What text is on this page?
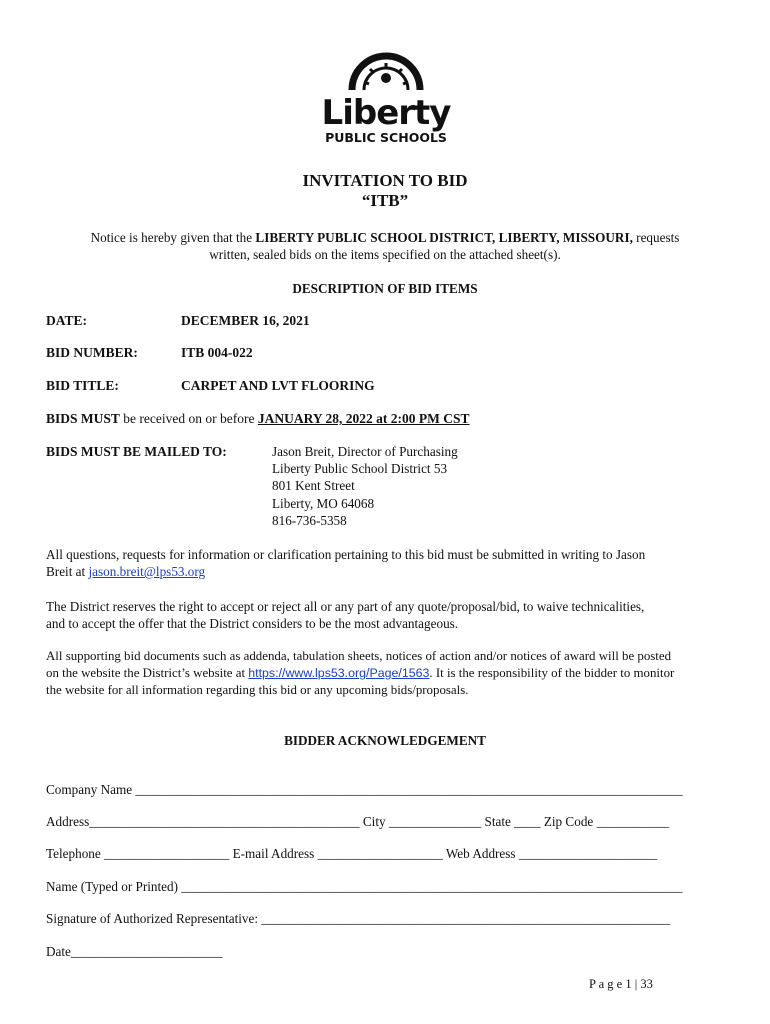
Liberty
PUBLIC SCHOOLS
INVITATION TO BID
“ITB”
Notice is hereby given that the LIBERTY PUBLIC SCHOOL DISTRICT, LIBERTY, MISSOURI, requests
written, sealed bids on the items specified on the attached sheet(s).
DESCRIPTION OF BID ITEMS
DATE:	DECEMBER 16, 2021
BID NUMBER:	ITB 004-022
BID TITLE:	CARPET AND LVT FLOORING
BIDS MUST be received on or before JANUARY 28, 2022 at 2:00 PM CST
BIDS MUST BE MAILED TO:	Jason Breit, Director of Purchasing
Liberty Public School District 53
801 Kent Street
Liberty, MO 64068
816-736-5358
All questions, requests for information or clarification pertaining to this bid must be submitted in writing to Jason
Breit at jason.breit@lps53.org
The District reserves the right to accept or reject all or any part of any quote/proposal/bid, to waive technicalities,
and to accept the offer that the District considers to be the most advantageous.
All supporting bid documents such as addenda, tabulation sheets, notices of action and/or notices of award will be posted
on the website the District’s website at https://www.lps53.org/Page/1563. It is the responsibility of the bidder to monitor
the website for all information regarding this bid or any upcoming bids/proposals.
BIDDER ACKNOWLEDGEMENT
Company Name ___________________________________________________________________________________
Address_________________________________________ City ______________ State ____ Zip Code ___________
Telephone ___________________ E-mail Address ___________________ Web Address _____________________
Name (Typed or Printed) ____________________________________________________________________________
Signature of Authorized Representative: ______________________________________________________________
Date_______________________
P a g e 1 | 33
